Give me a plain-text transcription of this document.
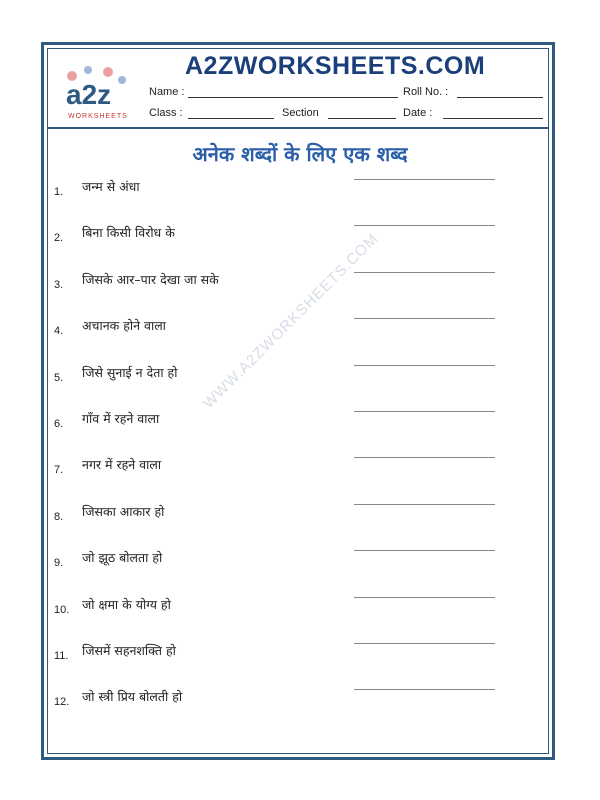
a2z
WORKSHEETS
A2ZWORKSHEETS.COM
Name :	Roll No. :
Class :	Section	Date :
अनेक शब्दों के लिए एक शब्द
WWW.A2ZWORKSHEETS.COM
1. जन्म से अंधा
2. बिना किसी विरोध के
3. जिसके आर–पार देखा जा सके
4. अचानक होने वाला
5. जिसे सुनाई न देता हो
6. गाँव में रहने वाला
7. नगर में रहने वाला
8. जिसका आकार हो
9. जो झूठ बोलता हो
10. जो क्षमा के योग्य हो
11. जिसमें सहनशक्ति हो
12. जो स्त्री प्रिय बोलती हो
